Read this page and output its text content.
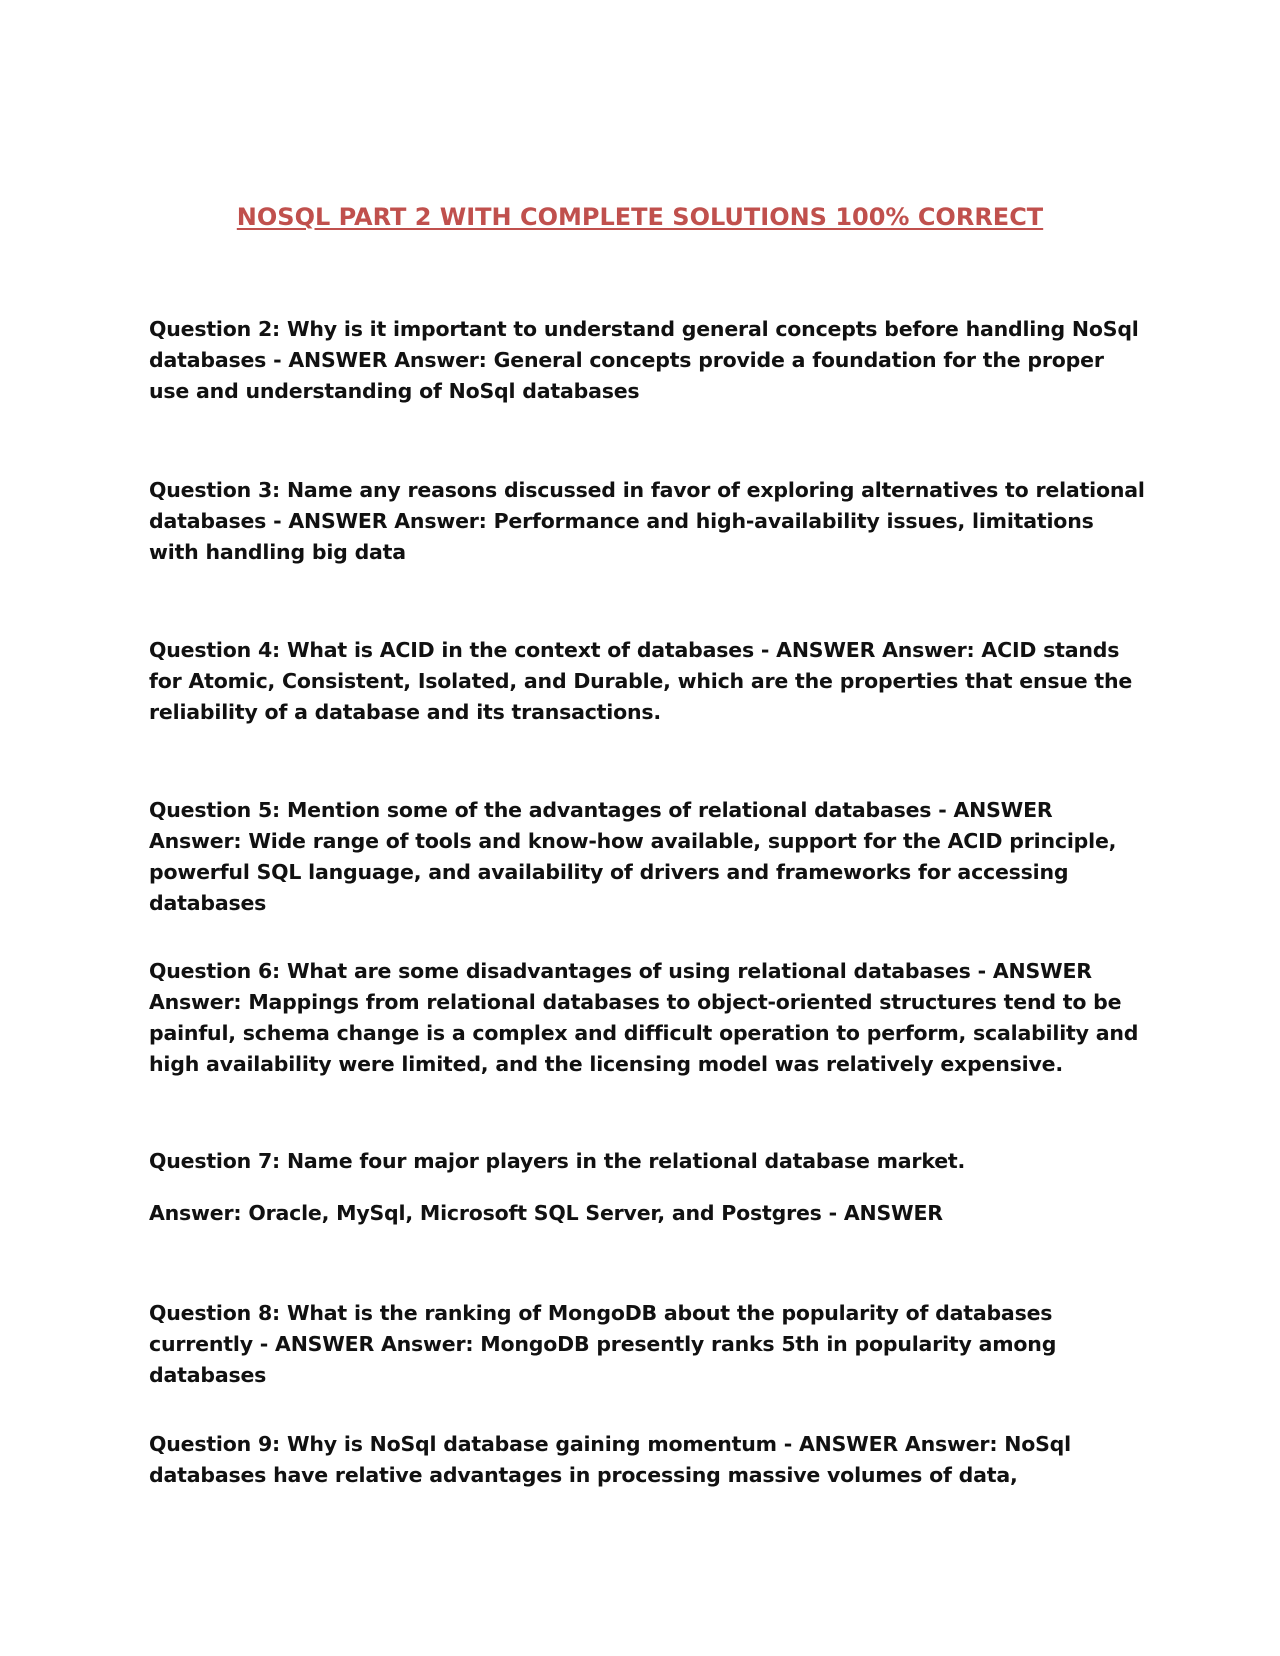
NOSQL PART 2 WITH COMPLETE SOLUTIONS 100% CORRECT

Question 2: Why is it important to understand general concepts before handling NoSql databases - ANSWER Answer: General concepts provide a foundation for the proper use and understanding of NoSql databases

Question 3: Name any reasons discussed in favor of exploring alternatives to relational databases - ANSWER Answer: Performance and high-availability issues, limitations with handling big data

Question 4: What is ACID in the context of databases - ANSWER Answer: ACID stands for Atomic, Consistent, Isolated, and Durable, which are the properties that ensue the reliability of a database and its transactions.

Question 5: Mention some of the advantages of relational databases - ANSWER Answer: Wide range of tools and know-how available, support for the ACID principle, powerful SQL language, and availability of drivers and frameworks for accessing databases

Question 6: What are some disadvantages of using relational databases - ANSWER Answer: Mappings from relational databases to object-oriented structures tend to be painful, schema change is a complex and difficult operation to perform, scalability and high availability were limited, and the licensing model was relatively expensive.

Question 7: Name four major players in the relational database market.

Answer: Oracle, MySql, Microsoft SQL Server, and Postgres - ANSWER

Question 8: What is the ranking of MongoDB about the popularity of databases currently - ANSWER Answer: MongoDB presently ranks 5th in popularity among databases

Question 9: Why is NoSql database gaining momentum - ANSWER Answer: NoSql databases have relative advantages in processing massive volumes of data,
